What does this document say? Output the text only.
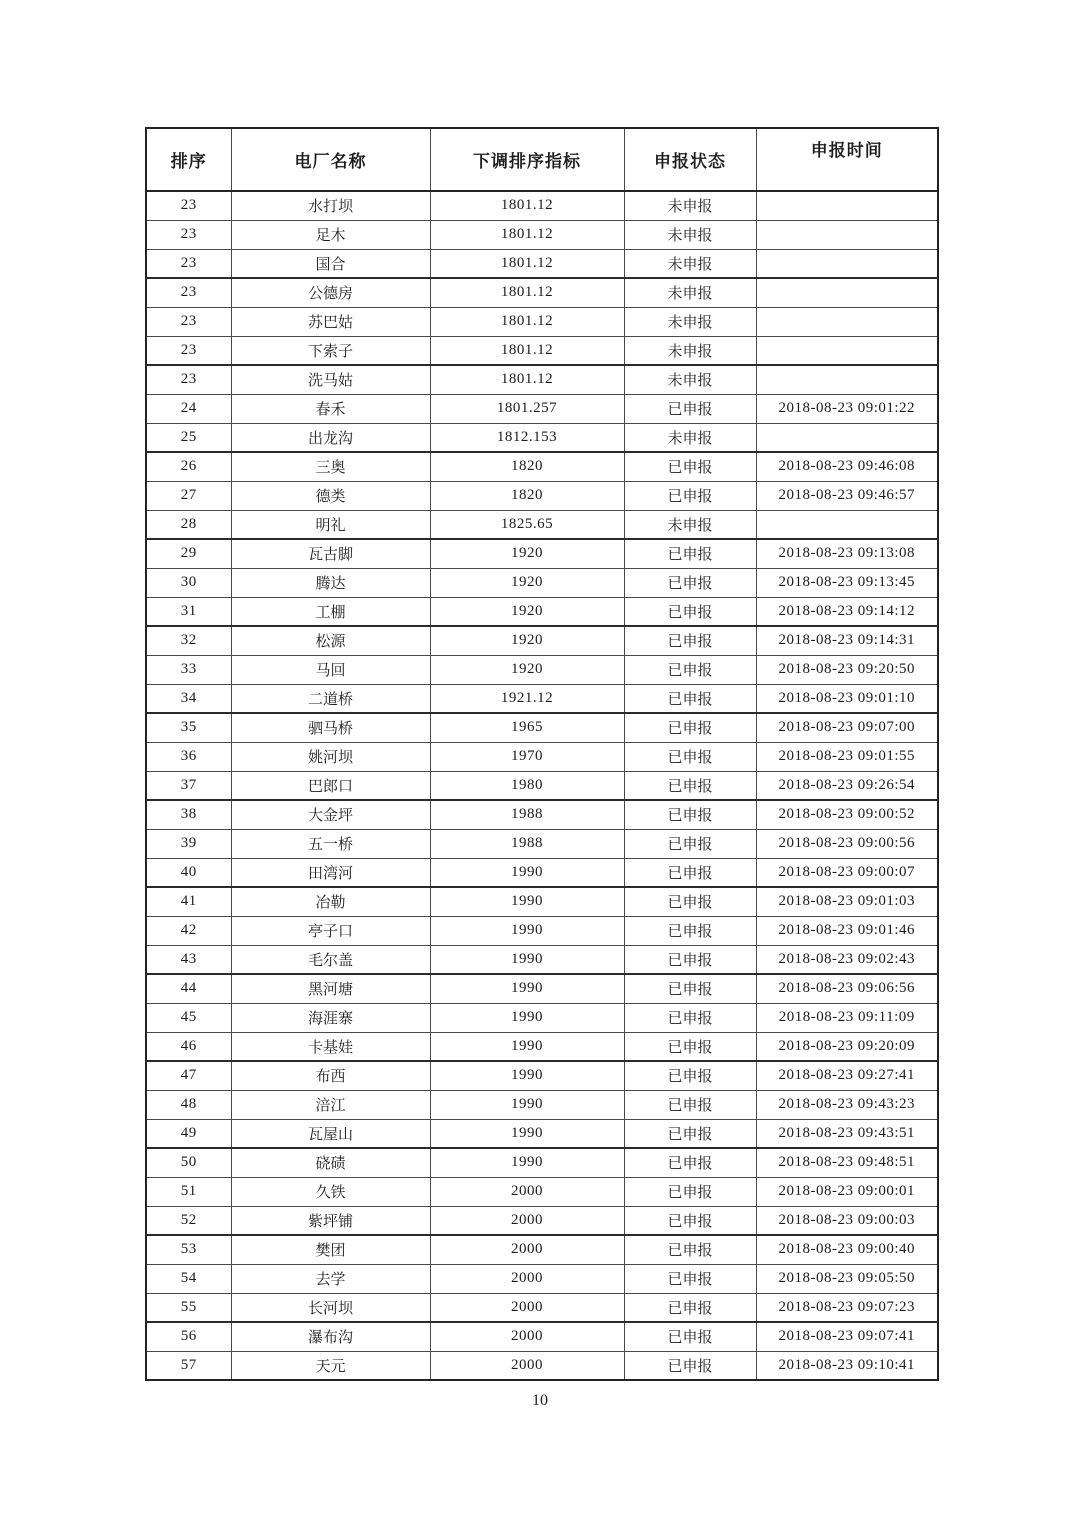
排序	电厂名称	下调排序指标	申报状态	申报时间
23	水打坝	1801.12	未申报	
23	足木	1801.12	未申报	
23	国合	1801.12	未申报	
23	公德房	1801.12	未申报	
23	苏巴姑	1801.12	未申报	
23	下索子	1801.12	未申报	
23	洗马姑	1801.12	未申报	
24	春禾	1801.257	已申报	2018-08-23 09:01:22
25	出龙沟	1812.153	未申报	
26	三奥	1820	已申报	2018-08-23 09:46:08
27	德类	1820	已申报	2018-08-23 09:46:57
28	明礼	1825.65	未申报	
29	瓦古脚	1920	已申报	2018-08-23 09:13:08
30	腾达	1920	已申报	2018-08-23 09:13:45
31	工棚	1920	已申报	2018-08-23 09:14:12
32	松源	1920	已申报	2018-08-23 09:14:31
33	马回	1920	已申报	2018-08-23 09:20:50
34	二道桥	1921.12	已申报	2018-08-23 09:01:10
35	驷马桥	1965	已申报	2018-08-23 09:07:00
36	姚河坝	1970	已申报	2018-08-23 09:01:55
37	巴郎口	1980	已申报	2018-08-23 09:26:54
38	大金坪	1988	已申报	2018-08-23 09:00:52
39	五一桥	1988	已申报	2018-08-23 09:00:56
40	田湾河	1990	已申报	2018-08-23 09:00:07
41	冶勒	1990	已申报	2018-08-23 09:01:03
42	亭子口	1990	已申报	2018-08-23 09:01:46
43	毛尔盖	1990	已申报	2018-08-23 09:02:43
44	黑河塘	1990	已申报	2018-08-23 09:06:56
45	海涯寨	1990	已申报	2018-08-23 09:11:09
46	卡基娃	1990	已申报	2018-08-23 09:20:09
47	布西	1990	已申报	2018-08-23 09:27:41
48	涪江	1990	已申报	2018-08-23 09:43:23
49	瓦屋山	1990	已申报	2018-08-23 09:43:51
50	硗碛	1990	已申报	2018-08-23 09:48:51
51	久铁	2000	已申报	2018-08-23 09:00:01
52	紫坪铺	2000	已申报	2018-08-23 09:00:03
53	樊团	2000	已申报	2018-08-23 09:00:40
54	去学	2000	已申报	2018-08-23 09:05:50
55	长河坝	2000	已申报	2018-08-23 09:07:23
56	瀑布沟	2000	已申报	2018-08-23 09:07:41
57	天元	2000	已申报	2018-08-23 09:10:41
10
